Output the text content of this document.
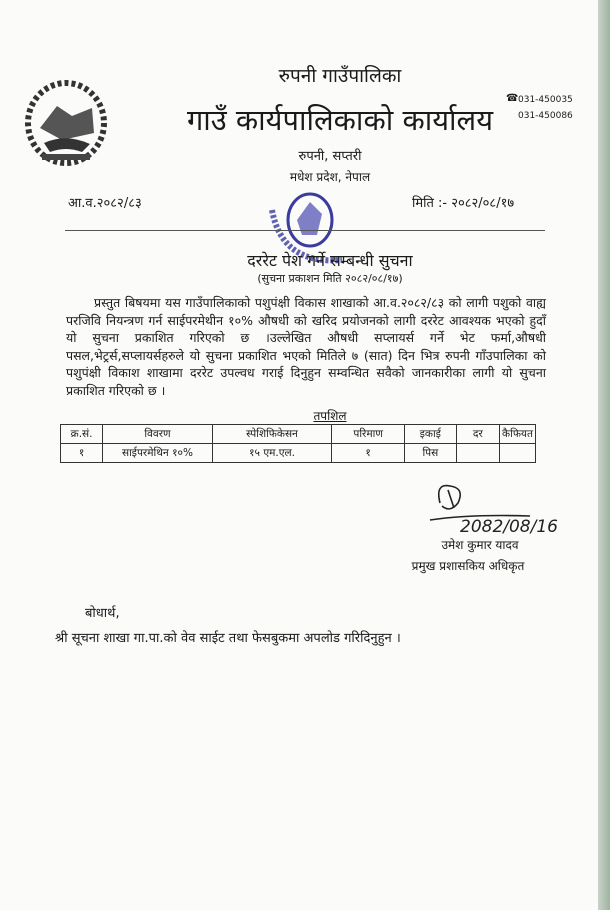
रुपनी गाउँपालिका
गाउँ कार्यपालिकाको कार्यालय
☎ 031-450035
031-450086
रुपनी, सप्तरी
मधेश प्रदेश, नेपाल
आ.व.२०८२/८३	मिति :- २०८२/०८/१७
दररेट पेश गर्ने सम्बन्धी सुचना
(सुचना प्रकाशन मिति २०८२/०८/१७)
प्रस्तुत बिषयमा यस गाउँपालिकाको पशुपंक्षी विकास शाखाको आ.व.२०८२/८३ को लागी पशुको वाह्य परजिवि नियन्त्रण गर्न साईपरमेथीन १०% औषधी को खरिद प्रयोजनको लागी दररेट आवश्यक भएको हुदाँ यो सुचना प्रकाशित गरिएको छ ।उल्लेखित औषधी सप्लायर्स गर्ने भेट फर्मा,औषधी पसल,भेट्रर्स,सप्लायर्सहरुले यो सुचना प्रकाशित भएको मितिले ७ (सात) दिन भित्र रुपनी गाँउपालिका को पशुपंक्षी विकाश शाखामा दररेट उपल्वध गराई दिनुहुन सम्वन्धित सवैको जानकारीका लागी यो सुचना प्रकाशित गरिएको छ ।
तपशिल
क्र.सं.	विवरण	स्पेशिफिकेसन	परिमाण	इकाई	दर	कैफियत
१	साईपरमेथिन १०%	१५ एम.एल.	१	पिस		
2082/08/16
उमेश कुमार यादव
प्रमुख प्रशासकिय अधिकृत
बोधार्थ,
श्री सूचना शाखा गा.पा.को वेव साईट तथा फेसबुकमा अपलोड गरिदिनुहुन ।
